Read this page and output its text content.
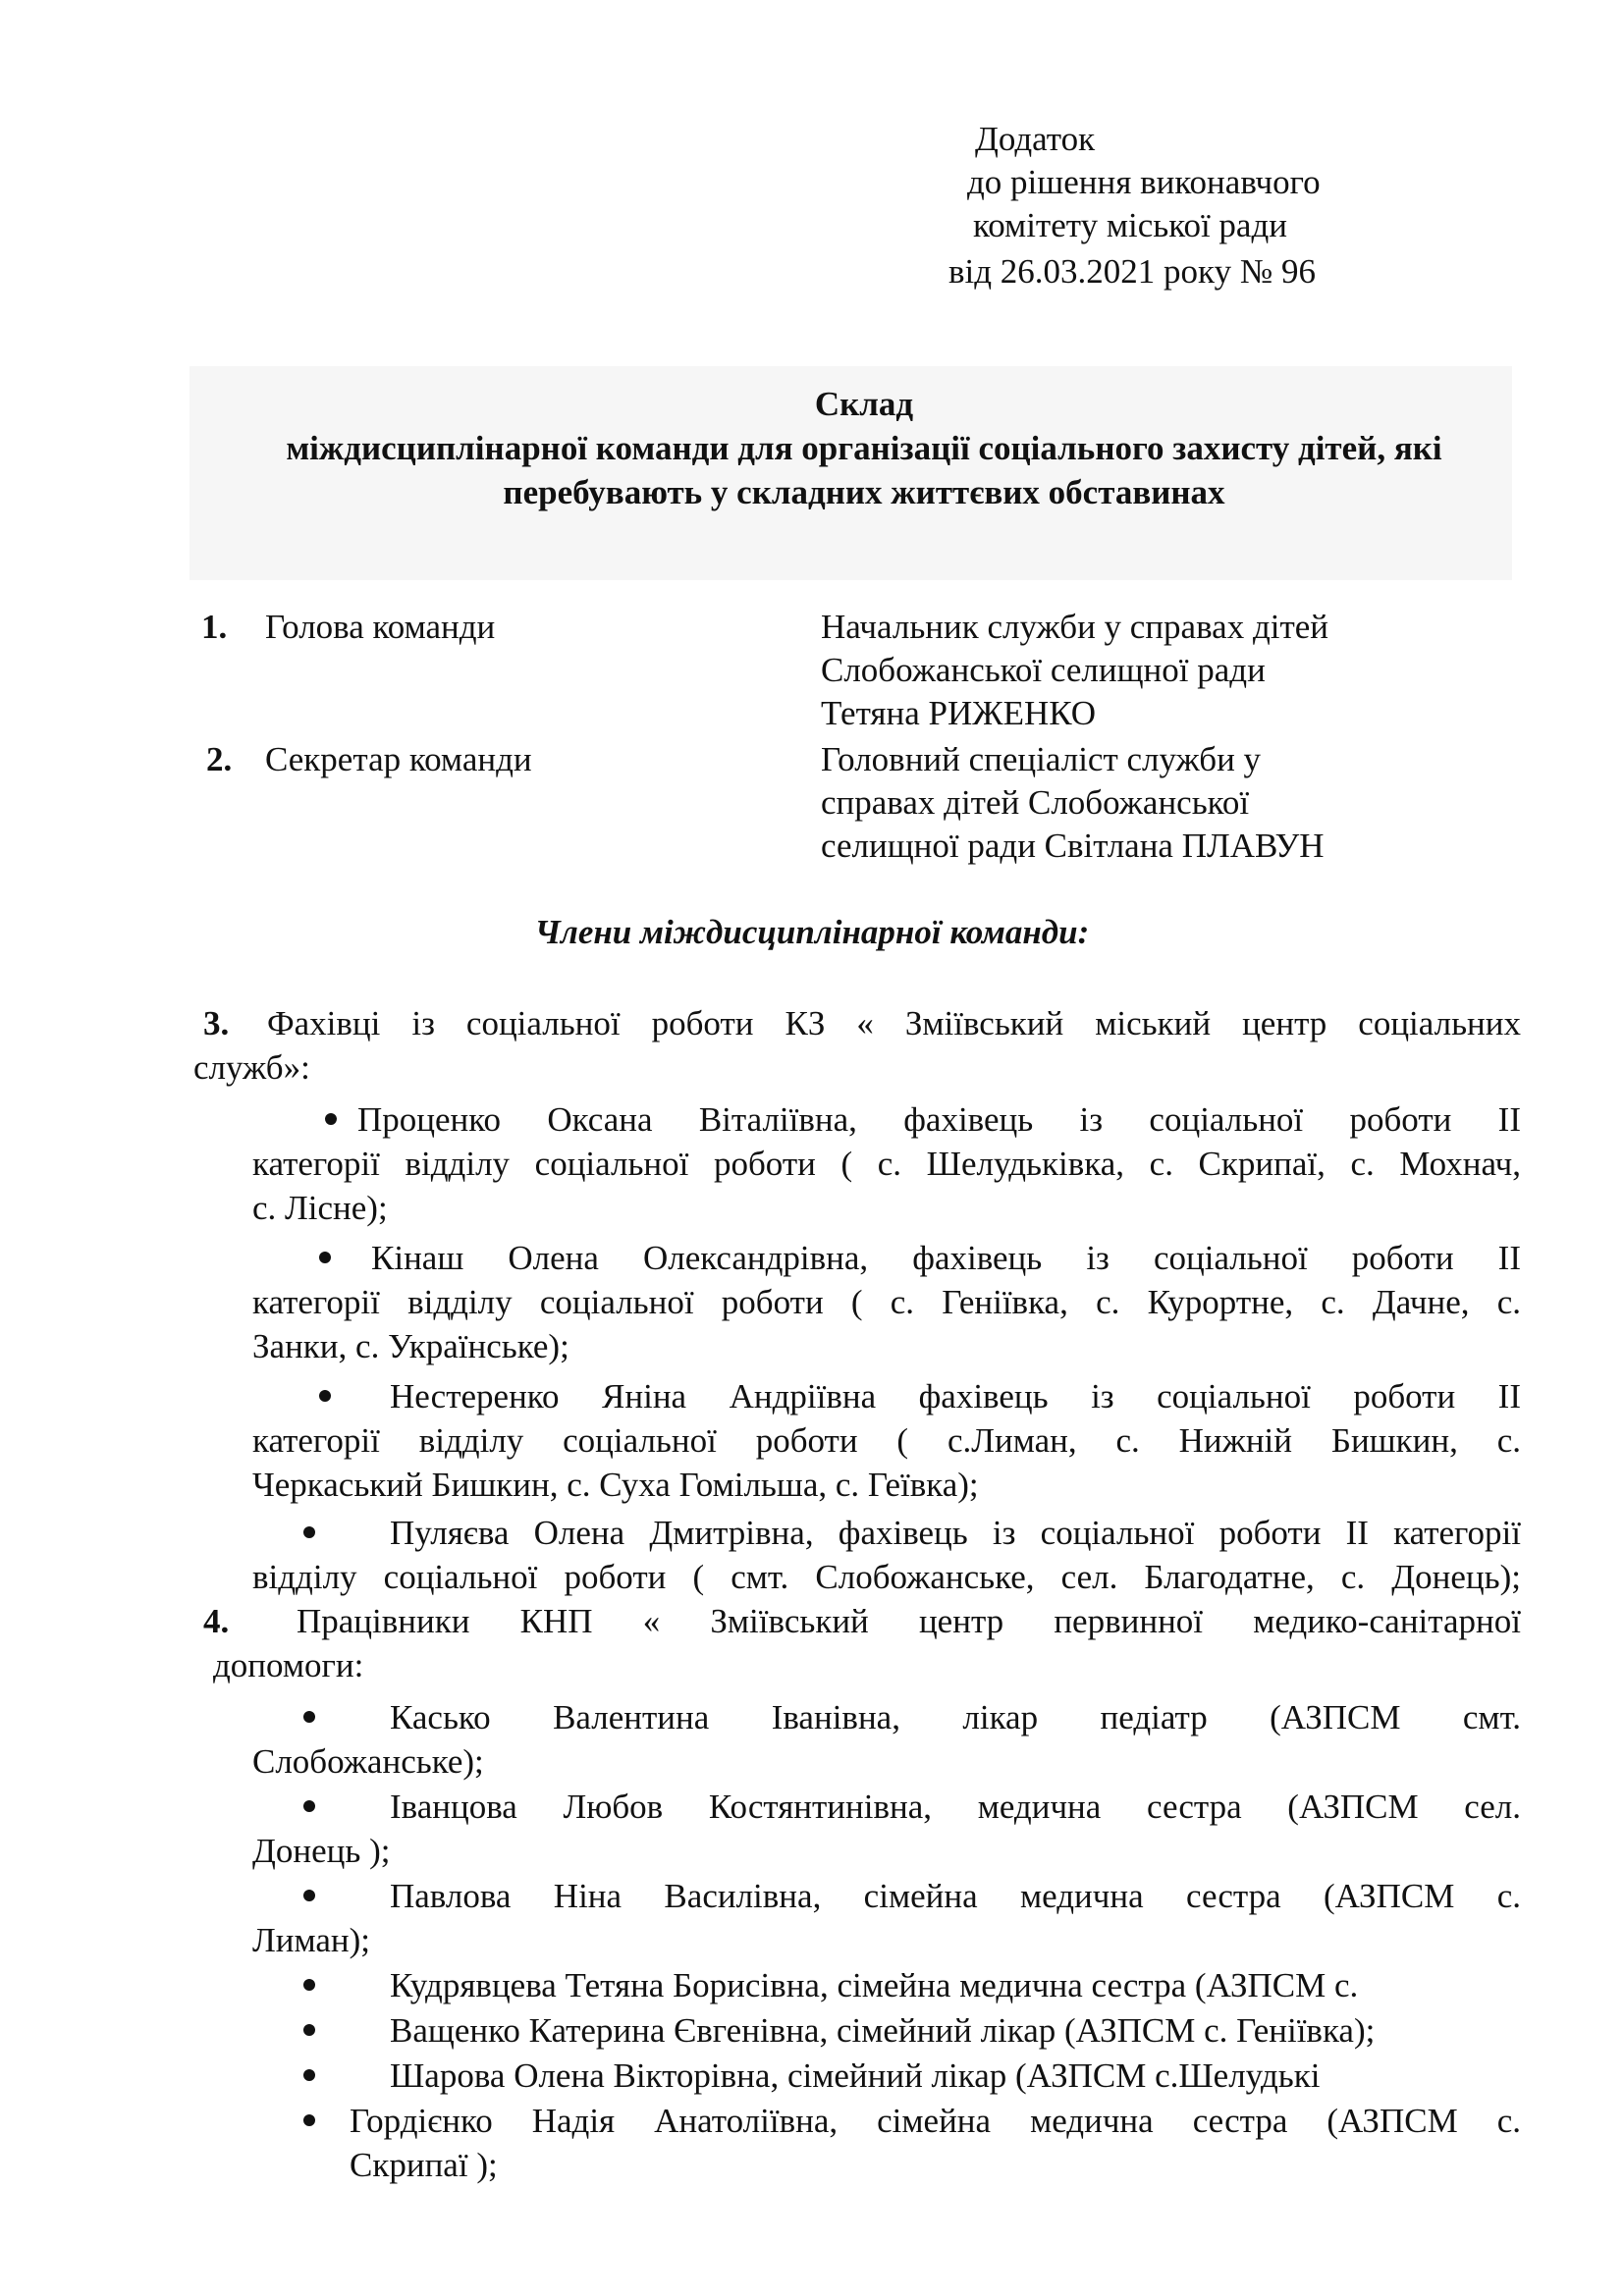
Додаток
до рішення виконавчого
комітету міської ради
від 26.03.2021 року № 96
Склад
міждисциплінарної команди для організації соціального захисту дітей, які
перебувають у складних життєвих обставинах
1. Голова команди	Начальник служби у справах дітей
Слобожанської селищної ради
Тетяна РИЖЕНКО
2. Секретар команди	Головний спеціаліст служби у
справах дітей Слобожанської
селищної ради Світлана ПЛАВУН
Члени міждисциплінарної команди:
3. Фахівці із соціальної роботи КЗ « Зміївський міський центр соціальних
служб»:
Проценко Оксана Віталіївна, фахівець із соціальної роботи ІІ
категорії відділу соціальної роботи ( с. Шелудьківка, с. Скрипаї, с. Мохнач,
с. Лісне);
Кінаш Олена Олександрівна, фахівець із соціальної роботи ІІ
категорії відділу соціальної роботи ( с. Геніївка, с. Курортне, с. Дачне, с.
Занки, с. Українське);
Нестеренко Яніна Андріївна фахівець із соціальної роботи ІІ
категорії відділу соціальної роботи ( с.Лиман, с. Нижній Бишкин, с.
Черкаський Бишкин, с. Суха Гомільша, с. Геївка);
Пуляєва Олена Дмитрівна, фахівець із соціальної роботи ІІ категорії
відділу соціальної роботи ( смт. Слобожанське, сел. Благодатне, с. Донець);
4. Працівники КНП « Зміївський центр первинної медико-санітарної
допомоги:
Касько Валентина Іванівна, лікар педіатр (АЗПСМ смт.
Слобожанське);
Іванцова Любов Костянтинівна, медична сестра (АЗПСМ сел.
Донець );
Павлова Ніна Василівна, сімейна медична сестра (АЗПСМ с.
Лиман);
Кудрявцева Тетяна Борисівна, сімейна медична сестра (АЗПСМ с.
Ващенко Катерина Євгенівна, сімейний лікар (АЗПСМ с. Геніївка);
Шарова Олена Вікторівна, сімейний лікар (АЗПСМ с.Шелудькі
Гордієнко Надія Анатоліївна, сімейна медична сестра (АЗПСМ с.
Скрипаї );
